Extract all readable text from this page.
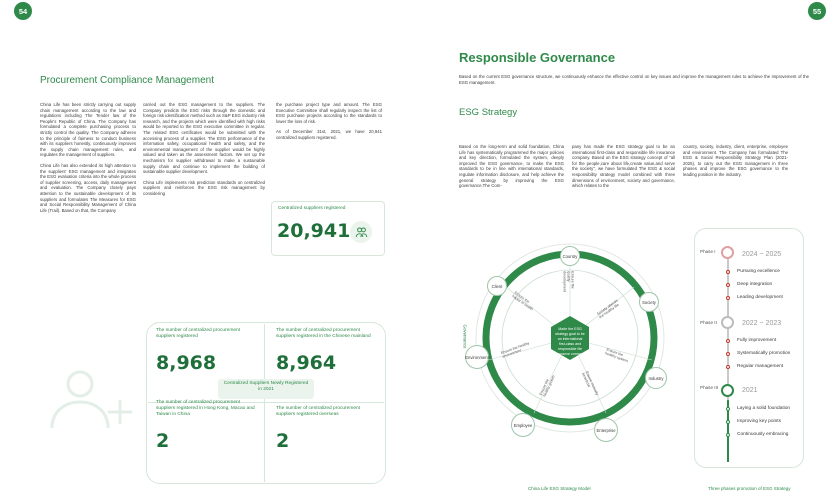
54
Procurement Compliance Management

China Life has been strictly carrying out supply chain management according to the law and regulations including The Tender law of the People's Republic of China. The Company has formulated a complete purchasing process to strictly control the quality. The Company adheres to the principle of fairness to conduct business with its suppliers honestly, continuously improves the supply chain management rules, and regulates the management of suppliers.

China Life has also extended its high attention to the suppliers' ESG management and integrates the ESG evaluation criteria into the whole process of supplier screening, access, daily management and evaluation. The Company closely pays attention to the sustainable development of its suppliers and formulates The Measures for ESG and Social Responsibility Management of China Life (Trail). Based on that, the Company

carried out the ESG management to the suppliers. The Company predicts the ESG risks through the domestic and foreign risk identification method such as S&P ESG industry risk research, and the projects which were identified with high risks would be reported to the ESG executive committee in regular. The related ESG certificates would be submitted with the accessing process of a supplier. The ESG performance of the information safety, occupational health and safety, and the environmental management of the supplier would be highly valued and taken as the assessment factors. We set up the mechanism for supplier withdrawal to make a sustainable supply chain and continue to implement the building of sustainable supplier development.

China Life implements risk prediction standards on centralized suppliers and reinforces the ESG risk management by considering

the purchase project type and amount. The ESG Executive Committee shall regularly inspect the list of ESG purchase projects according to the standards to lower the loss of risk.

As of December 31st, 2021, we have 20,941 centralized suppliers registered.

Centralized suppliers registered
20,941
The number of centralized procurement suppliers registered
8,968
The number of centralized procurement suppliers registered in the Chinese mainland
8,964
The number of centralized procurement suppliers registered in Hong Kong, Macao and Taiwan in China
2
The number of centralized procurement suppliers registered overseas
2
Centralized Suppliers Newly Registered in 2021
55
Responsible Governance
Based on the current ESG governance structure, we continuously enhance the effective control on key issues and improve the management rules to achieve the improvement of the ESG management.
ESG Strategy
Based on the long-term and solid foundation, China Life has systematically programmed the major policies and key direction, formulated the system, deeply improved the ESG governance, to make the ESG standards to be in line with international standards, regulate information disclosure, and help achieve the general strategy by improving the ESG governance.The Com-
pany has made the ESG strategy goal to be an international first-class and responsible life insurance company. Based on the ESG strategy concept of "all for the people,care about life,create value,and serve the society", we have formulated The ESG & social responsibility strategy model combined with three dimensions of environment, society and governance, which relates to the
country, society, industry, client, enterprise, employee and environment. The Company has formulated The ESG & Social Responsibility Strategy Plan (2021-2025), to carry out the ESG management in three phases and improve the ESG governance to the leading position in the industry.
Made the ESG
strategy goal to be
an international
first-class and
responsible life
insurance company
Country
Society
Industry
Enterprise
Employee
Environment
Client
Governance	Environment
Society
Ensure the quality development
Society attends the healthy life
Ensure the healthy system
Ensure mutually beneficial
Ensure the healthy growth
Ensure the healthy environment
Ensure the happy of health
China Life ESG Strategy Model
Phase I	2024 ~ 2025
Pursuing excellence
Deep integration
Leading development
Phase II	2022 ~ 2023
Fully improvement
Systematically promotion
Regular management
Phase III	2021
Laying a solid foundation
Improving key points
Continuously embracing
Three phases promotion of ESG Strategy
